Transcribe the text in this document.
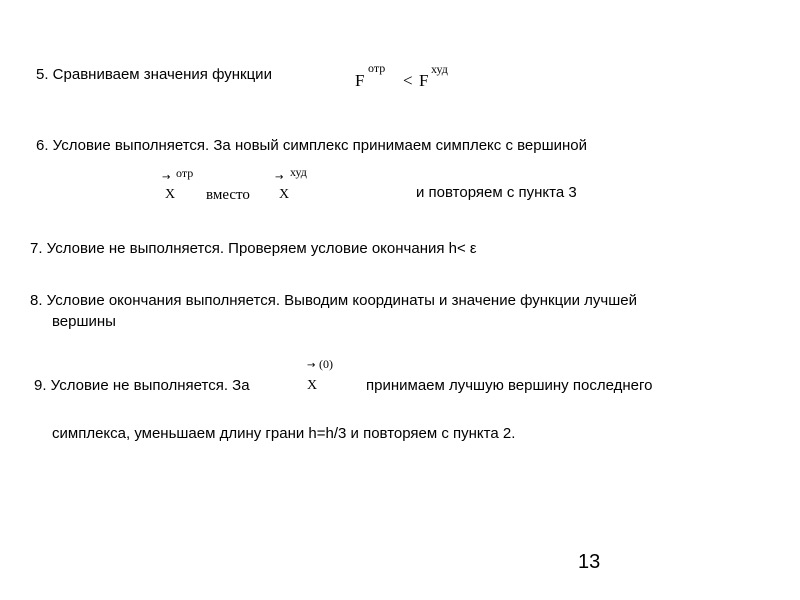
5. Сравниваем значения функции	F
отр
< F
худ
6. Условие выполняется. За новый симплекс принимаем симплекс с вершиной
→ отр
X вместо
→ худ
X	и повторяем с пункта 3
7. Условие не выполняется. Проверяем условие окончания h< ε
8. Условие окончания выполняется. Выводим координаты и значение функции лучшей
вершины
9. Условие не выполняется. За
→ (0)
X	принимаем лучшую вершину последнего
симплекса, уменьшаем длину грани h=h/3 и повторяем с пункта 2.
13
